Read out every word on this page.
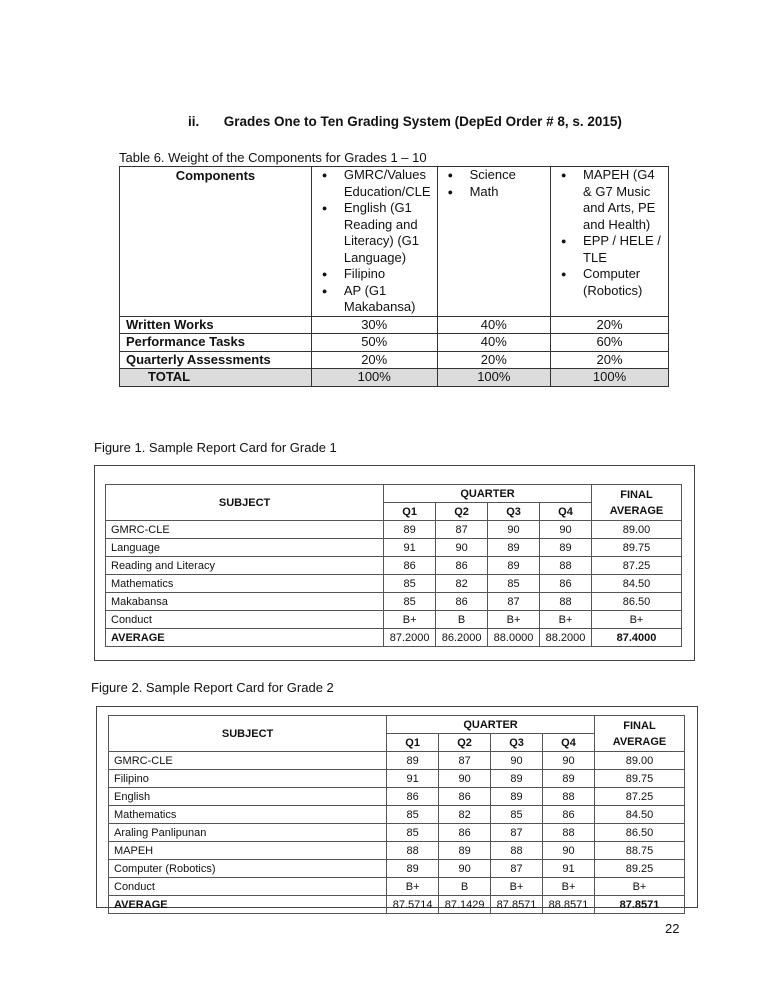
ii. Grades One to Ten Grading System (DepEd Order # 8, s. 2015)
Table 6. Weight of the Components for Grades 1 – 10
Components	
●GMRC/Values Education/CLE
● English (G1 Reading and Literacy) (G1 Language)
● Filipino
● AP (G1 Makabansa)

● Science
● Math

● MAPEH (G4 & G7 Music and Arts, PE and Health)
● EPP / HELE / TLE
● Computer (Robotics)

Written Works	30%	40%	20%
Performance Tasks	50%	40%	60%
Quarterly Assessments	20%	20%	20%
TOTAL	100%	100%	100%
Figure 1. Sample Report Card for Grade 1
SUBJECT	QUARTER				FINAL AVERAGE
	Q1	Q2	Q3	Q4	
GMRC-CLE	89	87	90	90	89.00
Language	91	90	89	89	89.75
Reading and Literacy	86	86	89	88	87.25
Mathematics	85	82	85	86	84.50
Makabansa	85	86	87	88	86.50
Conduct	B+	B	B+	B+	B+
AVERAGE	87.2000	86.2000	88.0000	88.2000	87.4000
Figure 2. Sample Report Card for Grade 2
SUBJECT	QUARTER				FINAL AVERAGE
	Q1	Q2	Q3	Q4	
GMRC-CLE	89	87	90	90	89.00
Filipino	91	90	89	89	89.75
English	86	86	89	88	87.25
Mathematics	85	82	85	86	84.50
Araling Panlipunan	85	86	87	88	86.50
MAPEH	88	89	88	90	88.75
Computer (Robotics)	89	90	87	91	89.25
Conduct	B+	B	B+	B+	B+
AVERAGE	87.5714	87.1429	87.8571	88.8571	87.8571
22
